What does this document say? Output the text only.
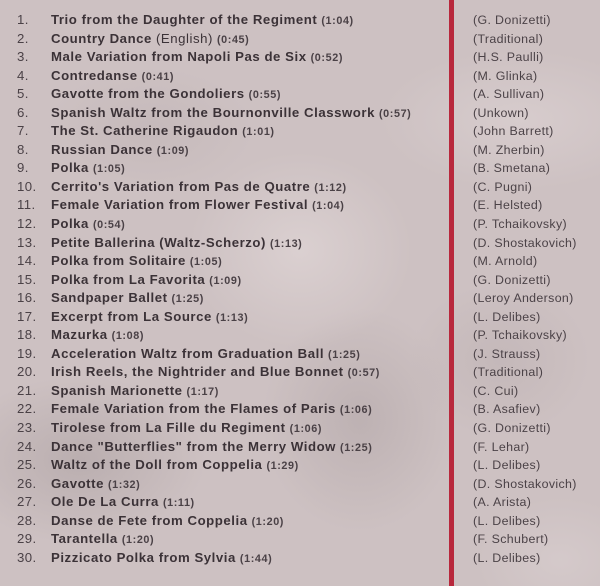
1. Trio from the Daughter of the Regiment (1:04)
2. Country Dance (English) (0:45)
3. Male Variation from Napoli Pas de Six (0:52)
4. Contredanse (0:41)
5. Gavotte from the Gondoliers (0:55)
6. Spanish Waltz from the Bournonville Classwork (0:57)
7. The St. Catherine Rigaudon (1:01)
8. Russian Dance (1:09)
9. Polka (1:05)
10. Cerrito's Variation from Pas de Quatre (1:12)
11. Female Variation from Flower Festival (1:04)
12. Polka (0:54)
13. Petite Ballerina (Waltz-Scherzo) (1:13)
14. Polka from Solitaire (1:05)
15. Polka from La Favorita (1:09)
16. Sandpaper Ballet (1:25)
17. Excerpt from La Source (1:13)
18. Mazurka (1:08)
19. Acceleration Waltz from Graduation Ball (1:25)
20. Irish Reels, the Nightrider and Blue Bonnet (0:57)
21. Spanish Marionette (1:17)
22. Female Variation from the Flames of Paris (1:06)
23. Tirolese from La Fille du Regiment (1:06)
24. Dance "Butterflies" from the Merry Widow (1:25)
25. Waltz of the Doll from Coppelia (1:29)
26. Gavotte (1:32)
27. Ole De La Curra (1:11)
28. Danse de Fete from Coppelia (1:20)
29. Tarantella (1:20)
30. Pizzicato Polka from Sylvia (1:44)
(G. Donizetti)
(Traditional)
(H.S. Paulli)
(M. Glinka)
(A. Sullivan)
(Unkown)
(John Barrett)
(M. Zherbin)
(B. Smetana)
(C. Pugni)
(E. Helsted)
(P. Tchaikovsky)
(D. Shostakovich)
(M. Arnold)
(G. Donizetti)
(Leroy Anderson)
(L. Delibes)
(P. Tchaikovsky)
(J. Strauss)
(Traditional)
(C. Cui)
(B. Asafiev)
(G. Donizetti)
(F. Lehar)
(L. Delibes)
(D. Shostakovich)
(A. Arista)
(L. Delibes)
(F. Schubert)
(L. Delibes)
